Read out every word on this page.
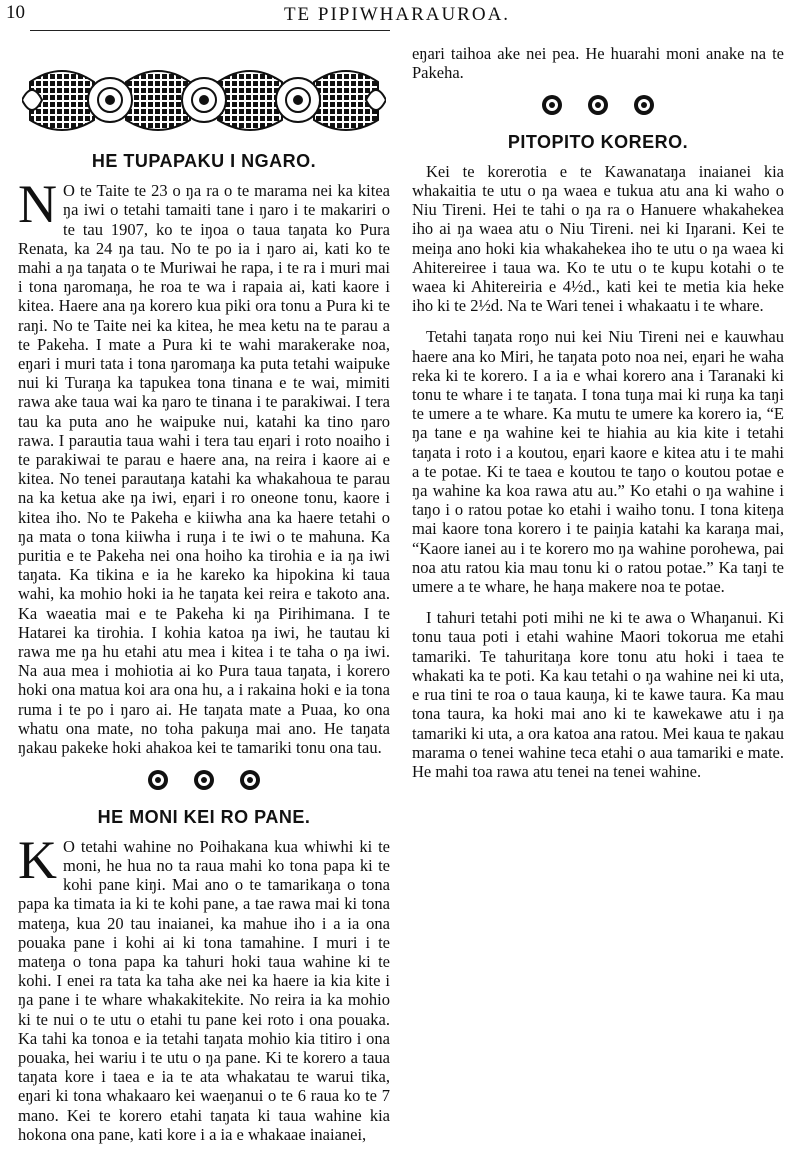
10	TE PIPIWHARAUROA.
HE TUPAPAKU I NGARO.

N O te Taite te 23 o ŋa ra o te marama nei ka kitea ŋa iwi o tetahi tamaiti tane i ŋaro i te makariri o te tau 1907, ko te iŋoa o taua taŋata ko Pura Renata, ka 24 ŋa tau. No te po ia i ŋaro ai, kati ko te mahi a ŋa taŋata o te Muriwai he rapa, i te ra i muri mai i tona ŋaromaŋa, he roa te wa i rapaia ai, kati kaore i kitea. Haere ana ŋa korero kua piki ora tonu a Pura ki te raŋi. No te Taite nei ka kitea, he mea ketu na te parau a te Pakeha. I mate a Pura ki te wahi marakerake noa, eŋari i muri tata i tona ŋaromaŋa ka puta tetahi waipuke nui ki Turaŋa ka tapukea tona tinana e te wai, mimiti rawa ake taua wai ka ŋaro te tinana i te parakiwai. I tera tau ka puta ano he waipuke nui, katahi ka tino ŋaro rawa. I parautia taua wahi i tera tau eŋari i roto noaiho i te parakiwai te parau e haere ana, na reira i kaore ai e kitea. No tenei parautaŋa katahi ka whakahoua te parau na ka ketua ake ŋa iwi, eŋari i ro oneone tonu, kaore i kitea iho. No te Pakeha e kiiwha ana ka haere tetahi o ŋa mata o tona kiiwha i ruŋa i te iwi o te mahuna. Ka puritia e te Pakeha nei ona hoiho ka tirohia e ia ŋa iwi taŋata. Ka tikina e ia he kareko ka hipokina ki taua wahi, ka mohio hoki ia he taŋata kei reira e takoto ana. Ka waeatia mai e te Pakeha ki ŋa Pirihimana. I te Hatarei ka tirohia. I kohia katoa ŋa iwi, he tautau ki rawa me ŋa hu etahi atu mea i kitea i te taha o ŋa iwi. Na aua mea i mohiotia ai ko Pura taua taŋata, i korero hoki ona matua koi ara ona hu, a i rakaina hoki e ia tona ruma i te po i ŋaro ai. He taŋata mate a Puaa, ko ona whatu ona mate, no toha pakuŋa mai ano. He taŋata ŋakau pakeke hoki ahakoa kei te tamariki tonu ona tau.

HE MONI KEI RO PANE.

K O tetahi wahine no Poihakana kua whiwhi ki te moni, he hua no ta raua mahi ko tona papa ki te kohi pane kiŋi. Mai ano o te tamarikaŋa o tona papa ka timata ia ki te kohi pane, a tae rawa mai ki tona mateŋa, kua 20 tau inaianei, ka mahue iho i a ia ona pouaka pane i kohi ai ki tona tamahine. I muri i te mateŋa o tona papa ka tahuri hoki taua wahine ki te kohi. I enei ra tata ka taha ake nei ka haere ia kia kite i ŋa pane i te whare whakakitekite. No reira ia ka mohio ki te nui o te utu o etahi tu pane kei roto i ona pouaka. Ka tahi ka tonoa e ia tetahi taŋata mohio kia titiro i ona pouaka, hei wariu i te utu o ŋa pane. Ki te korero a taua taŋata kore i taea e ia te ata whakatau te warui tika, eŋari ki tona whakaaro kei waeŋanui o te 6 raua ko te 7 mano. Kei te korero etahi taŋata ki taua wahine kia hokona ona pane, kati kore i a ia e whakaae inaianei,

eŋari taihoa ake nei pea. He huarahi moni anake na te Pakeha.

PITOPITO KORERO.

Kei te korerotia e te Kawanataŋa inaianei kia whakaitia te utu o ŋa waea e tukua atu ana ki waho o Niu Tireni. Hei te tahi o ŋa ra o Hanuere whakahekea iho ai ŋa waea atu o Niu Tireni. nei ki Iŋarani. Kei te meiŋa ano hoki kia whakahekea iho te utu o ŋa waea ki Ahitereiree i taua wa. Ko te utu o te kupu kotahi o te waea ki Ahitereiria e 4½d., kati kei te metia kia heke iho ki te 2½d. Na te Wari tenei i whakaatu i te whare.

Tetahi taŋata roŋo nui kei Niu Tireni nei e kauwhau haere ana ko Miri, he taŋata poto noa nei, eŋari he waha reka ki te korero. I a ia e whai korero ana i Taranaki ki tonu te whare i te taŋata. I tona tuŋa mai ki ruŋa ka taŋi te umere a te whare. Ka mutu te umere ka korero ia, “E ŋa tane e ŋa wahine kei te hiahia au kia kite i tetahi taŋata i roto i a koutou, eŋari kaore e kitea atu i te mahi a te potae. Ki te taea e koutou te taŋo o koutou potae e ŋa wahine ka koa rawa atu au.” Ko etahi o ŋa wahine i taŋo i o ratou potae ko etahi i waiho tonu. I tona kiteŋa mai kaore tona korero i te paiŋia katahi ka karaŋa mai, “Kaore ianei au i te korero mo ŋa wahine porohewa, pai noa atu ratou kia mau tonu ki o ratou potae.” Ka taŋi te umere a te whare, he haŋa makere noa te potae.

I tahuri tetahi poti mihi ne ki te awa o Whaŋanui. Ki tonu taua poti i etahi wahine Maori tokorua me etahi tamariki. Te tahuritaŋa kore tonu atu hoki i taea te whakati ka te poti. Ka kau tetahi o ŋa wahine nei ki uta, e rua tini te roa o taua kauŋa, ki te kawe taura. Ka mau tona taura, ka hoki mai ano ki te kawekawe atu i ŋa tamariki ki uta, a ora katoa ana ratou. Mei kaua te ŋakau marama o tenei wahine teca etahi o aua tamariki e mate. He mahi toa rawa atu tenei na tenei wahine.
